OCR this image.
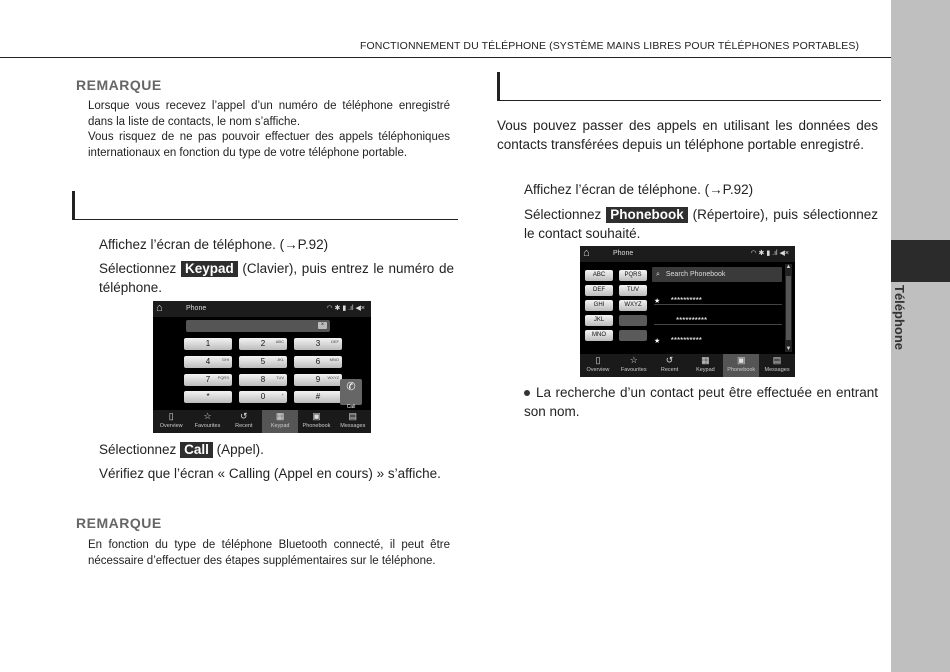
Téléphone
FONCTIONNEMENT DU TÉLÉPHONE (SYSTÈME MAINS LIBRES POUR TÉLÉPHONES PORTABLES)
REMARQUE
Lorsque vous recevez l’appel d’un numéro de téléphone enregistré dans la liste de contacts, le nom s’affiche.
Vous risquez de ne pas pouvoir effectuer des appels téléphoniques internationaux en fonction du type de votre téléphone portable.
Affichez l’écran de téléphone. (→P.92)
Sélectionnez Keypad (Clavier), puis entrez le numéro de téléphone.
⌂	Phone	◠ ✱ ▮ .ıl ◀×
×
1	2	ABC	3	DEF
4	GHI	5	JKL	6 MNO
7 PQRS	8	TUV	9 WXYZ
*	0	+	#
✆
Call
▯
Overview
☆
Favourites
↺
Recent
▦
Keypad
▣
Phonebook
▤
Messages
Sélectionnez Call (Appel).
Vérifiez que l’écran « Calling (Appel en cours) » s’affiche.
REMARQUE
En fonction du type de téléphone Bluetooth connecté, il peut être nécessaire d’effectuer des étapes supplémentaires sur le téléphone.
Vous pouvez passer des appels en utilisant les données des contacts transférées depuis un téléphone portable enregistré.
Affichez l’écran de téléphone. (→P.92)
Sélectionnez Phonebook (Répertoire), puis sélectionnez le contact souhaité.
⌂	Phone	◠ ✱ ▮ .ıl ◀×
ABC	PQRS
DEF	TUV
GHI	WXYZ
JKL
MNO
⌕ Search Phonebook
★ **********
**********
★ **********
▲
▼
▯
Overview
☆
Favourites
↺
Recent
▦
Keypad
▣
Phonebook
▤
Messages
La recherche d’un contact peut être effectuée en entrant son nom.
